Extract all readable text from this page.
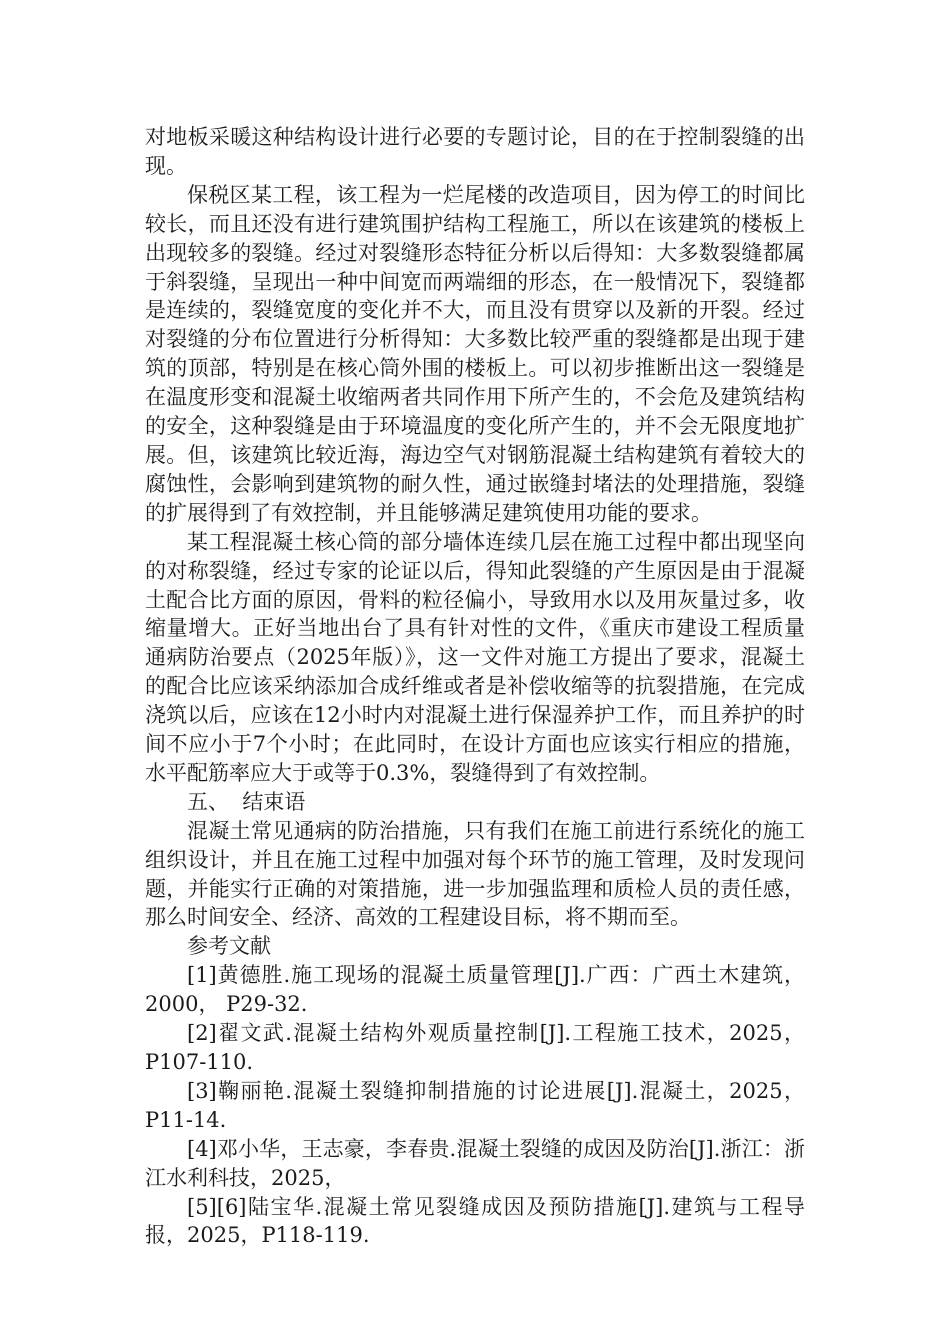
对地板采暖这种结构设计进行必要的专题讨论，目的在于控制裂缝的出现。

保税区某工程，该工程为一烂尾楼的改造项目，因为停工的时间比较长，而且还没有进行建筑围护结构工程施工，所以在该建筑的楼板上出现较多的裂缝。经过对裂缝形态特征分析以后得知：大多数裂缝都属于斜裂缝，呈现出一种中间宽而两端细的形态，在一般情况下，裂缝都是连续的，裂缝宽度的变化并不大，而且没有贯穿以及新的开裂。经过对裂缝的分布位置进行分析得知：大多数比较严重的裂缝都是出现于建筑的顶部，特别是在核心筒外围的楼板上。可以初步推断出这一裂缝是在温度形变和混凝土收缩两者共同作用下所产生的，不会危及建筑结构的安全，这种裂缝是由于环境温度的变化所产生的，并不会无限度地扩展。但，该建筑比较近海，海边空气对钢筋混凝土结构建筑有着较大的腐蚀性，会影响到建筑物的耐久性，通过嵌缝封堵法的处理措施，裂缝的扩展得到了有效控制，并且能够满足建筑使用功能的要求。

某工程混凝土核心筒的部分墙体连续几层在施工过程中都出现坚向的对称裂缝，经过专家的论证以后，得知此裂缝的产生原因是由于混凝土配合比方面的原因，骨料的粒径偏小，导致用水以及用灰量过多，收缩量增大。正好当地出台了具有针对性的文件，《重庆市建设工程质量通病防治要点（2025年版）》，这一文件对施工方提出了要求，混凝土的配合比应该采纳添加合成纤维或者是补偿收缩等的抗裂措施，在完成浇筑以后，应该在12小时内对混凝土进行保湿养护工作，而且养护的时间不应小于7个小时；在此同时，在设计方面也应该实行相应的措施，水平配筋率应大于或等于0.3%，裂缝得到了有效控制。

五、  结束语

混凝土常见通病的防治措施，只有我们在施工前进行系统化的施工组织设计，并且在施工过程中加强对每个环节的施工管理，及时发现问题，并能实行正确的对策措施，进一步加强监理和质检人员的责任感，那么时间安全、经济、高效的工程建设目标，将不期而至。

参考文献

[1]黄德胜.施工现场的混凝土质量管理[J].广西：广西土木建筑，2000， P29-32.

[2]翟文武.混凝土结构外观质量控制[J].工程施工技术，2025， P107-110.

[3]鞠丽艳.混凝土裂缝抑制措施的讨论进展[J].混凝土，2025， P11-14.

[4]邓小华，王志豪，李春贵.混凝土裂缝的成因及防治[J].浙江：浙江水利科技，2025，

[5][6]陆宝华.混凝土常见裂缝成因及预防措施[J].建筑与工程导报，2025，P118-119.
